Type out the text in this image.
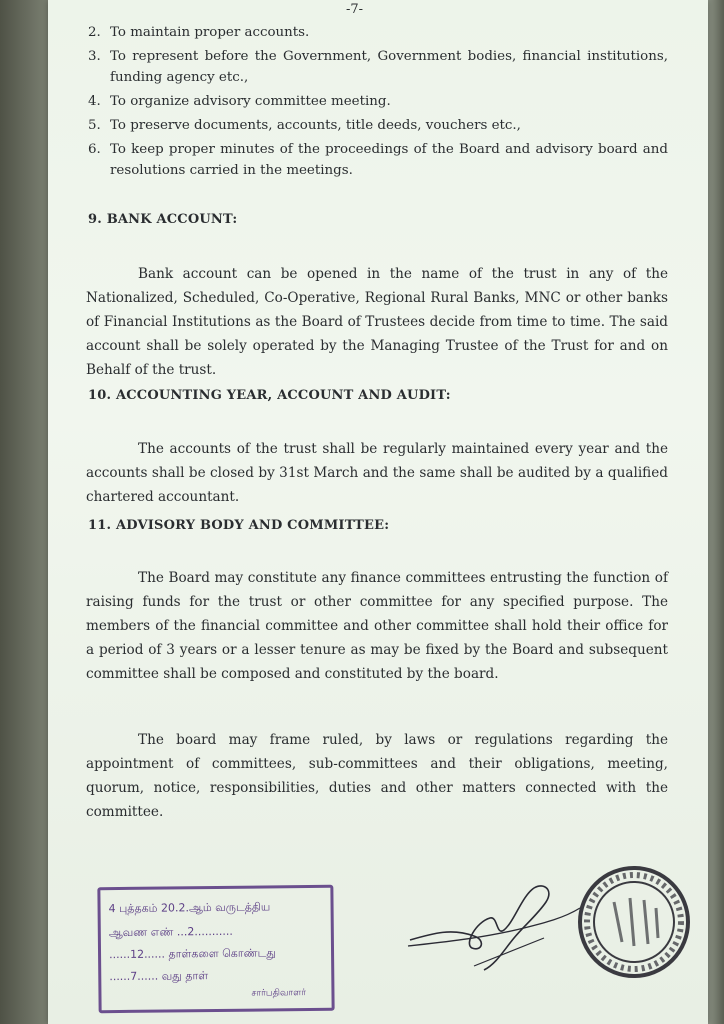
-7-
2. To maintain proper accounts.
3. To represent before the Government, Government bodies, financial institutions, funding agency etc.,
4. To organize advisory committee meeting.
5. To preserve documents, accounts, title deeds, vouchers etc.,
6. To keep proper minutes of the proceedings of the Board and advisory board and resolutions carried in the meetings.
9. BANK ACCOUNT:
Bank account can be opened in the name of the trust in any of the Nationalized, Scheduled, Co-Operative, Regional Rural Banks, MNC or other banks of Financial Institutions as the Board of Trustees decide from time to time. The said account shall be solely operated by the Managing Trustee of the Trust for and on Behalf of the trust.
10. ACCOUNTING YEAR, ACCOUNT AND AUDIT:
The accounts of the trust shall be regularly maintained every year and the accounts shall be closed by 31st March and the same shall be audited by a qualified chartered accountant.
11. ADVISORY BODY AND COMMITTEE:
The Board may constitute any finance committees entrusting the function of raising funds for the trust or other committee for any specified purpose. The members of the financial committee and other committee shall hold their office for a period of 3 years or a lesser tenure as may be fixed by the Board and subsequent committee shall be composed and constituted by the board.
The board may frame ruled, by laws or regulations regarding the appointment of committees, sub-committees and their obligations, meeting, quorum, notice, responsibilities, duties and other matters connected with the committee.
4 புத்தகம் 20.2.ஆம் வருடத்திய
ஆவண எண் ...2...........
......12...... தாள்களை கொண்டது
......7...... வது தாள்
சார்பதிவாளர்
